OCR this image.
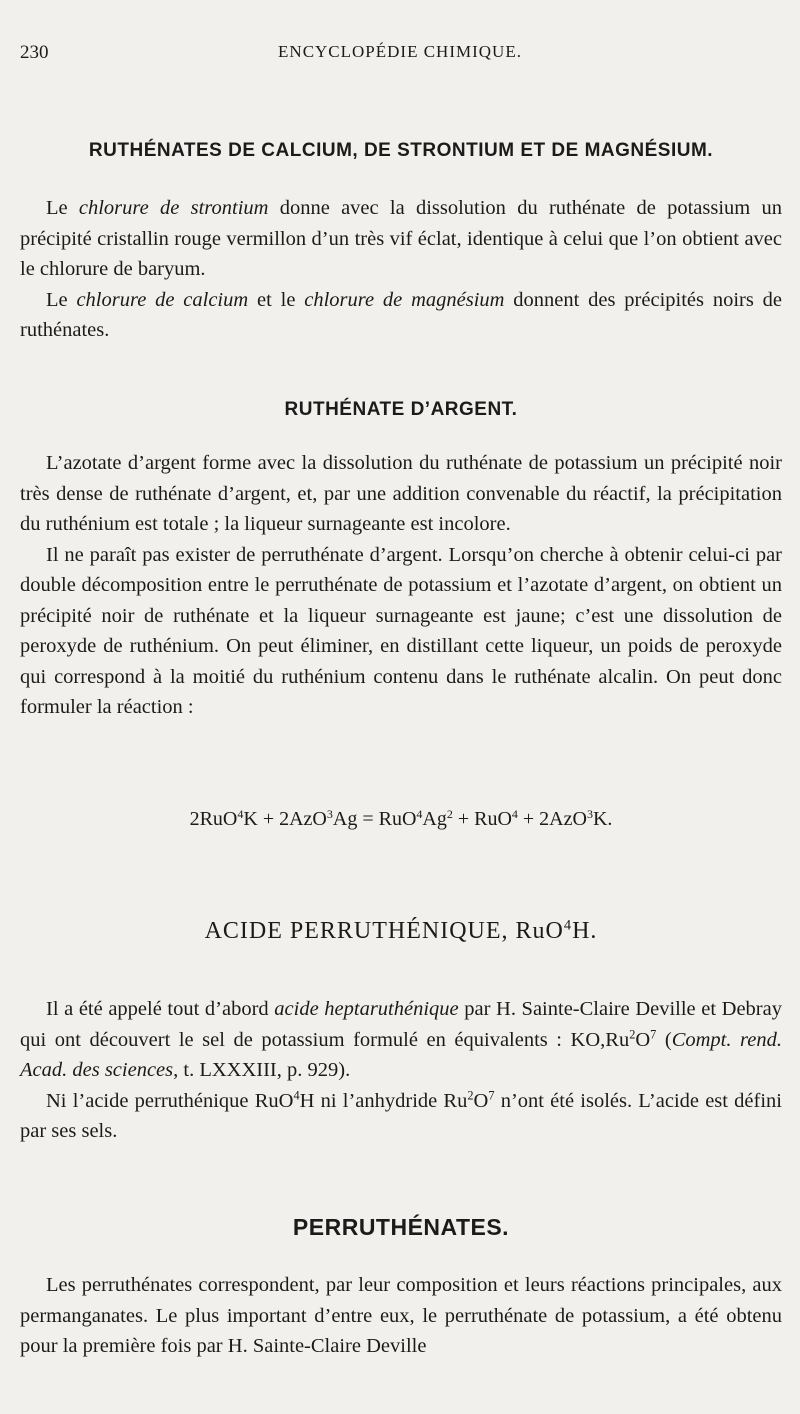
230	ENCYCLOPÉDIE CHIMIQUE.
RUTHÉNATES DE CALCIUM, DE STRONTIUM ET DE MAGNÉSIUM.

Le chlorure de strontium donne avec la dissolution du ruthénate de potassium un précipité cristallin rouge vermillon d’un très vif éclat, identique à celui que l’on obtient avec le chlorure de baryum.

Le chlorure de calcium et le chlorure de magnésium donnent des précipités noirs de ruthénates.

RUTHÉNATE D’ARGENT.

L’azotate d’argent forme avec la dissolution du ruthénate de potassium un précipité noir très dense de ruthénate d’argent, et, par une addition convenable du réactif, la précipitation du ruthénium est totale ; la liqueur surnageante est incolore.

Il ne paraît pas exister de perruthénate d’argent. Lorsqu’on cherche à obtenir celui-ci par double décomposition entre le perruthénate de potassium et l’azotate d’argent, on obtient un précipité noir de ruthénate et la liqueur surnageante est jaune; c’est une dissolution de peroxyde de ruthénium. On peut éliminer, en distillant cette liqueur, un poids de peroxyde qui correspond à la moitié du ruthénium contenu dans le ruthénate alcalin. On peut donc formuler la réaction :

$2RuO^4K + 2AzO^3Ag = RuO^4Ag^2 + RuO^4 + 2AzO^3K$.
ACIDE PERRUTHÉNIQUE, RuO$^4$H.

Il a été appelé tout d’abord acide heptaruthénique par H. Sainte-Claire Deville et Debray qui ont découvert le sel de potassium formulé en équivalents : $KO,Ru^2O^7$ (Compt. rend. Acad. des sciences, t. LXXXIII, p. 929).

Ni l’acide perruthénique RuO$^4$H ni l’anhydride $Ru^2O^7$ n’ont été isolés. L’acide est défini par ses sels.

PERRUTHÉNATES.

Les perruthénates correspondent, par leur composition et leurs réactions principales, aux permanganates. Le plus important d’entre eux, le perruthénate de potassium, a été obtenu pour la première fois par H. Sainte-Claire Deville
